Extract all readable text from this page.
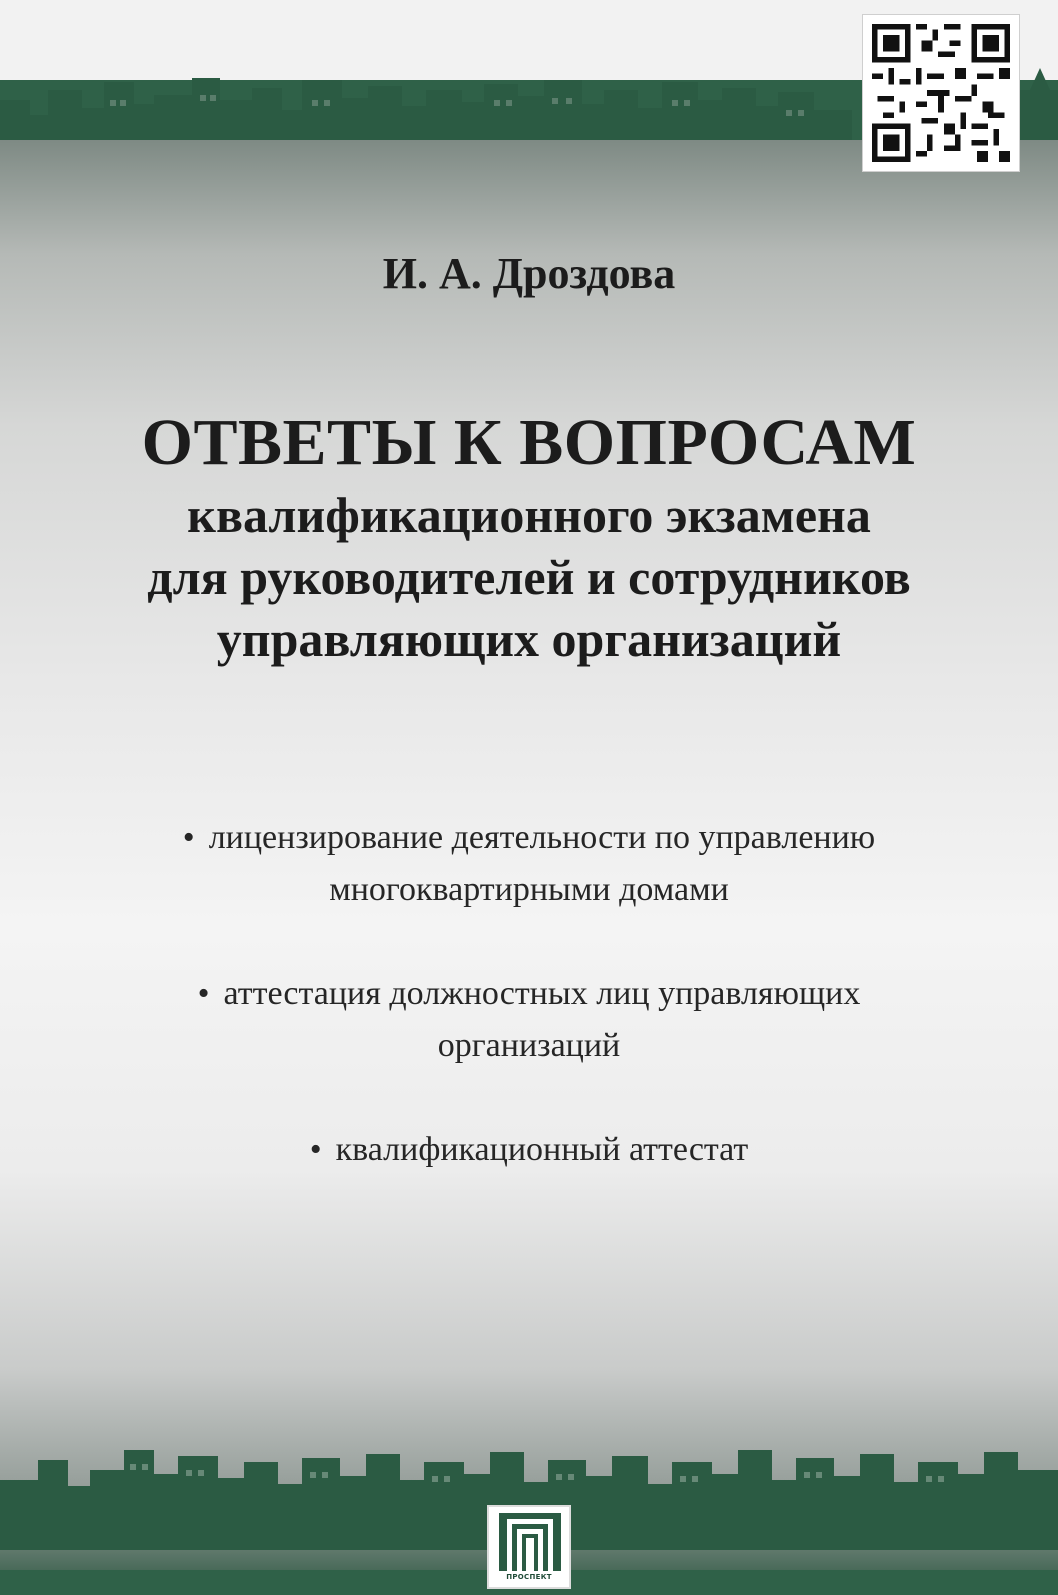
И. А. Дроздова
ОТВЕТЫ К ВОПРОСАМ
квалификационного экзамена
для руководителей и сотрудников
управляющих организаций
• лицензирование деятельности по управлению
многоквартирными домами
• аттестация должностных лиц управляющих
организаций
• квалификационный аттестат
ПРОСПЕКТ
